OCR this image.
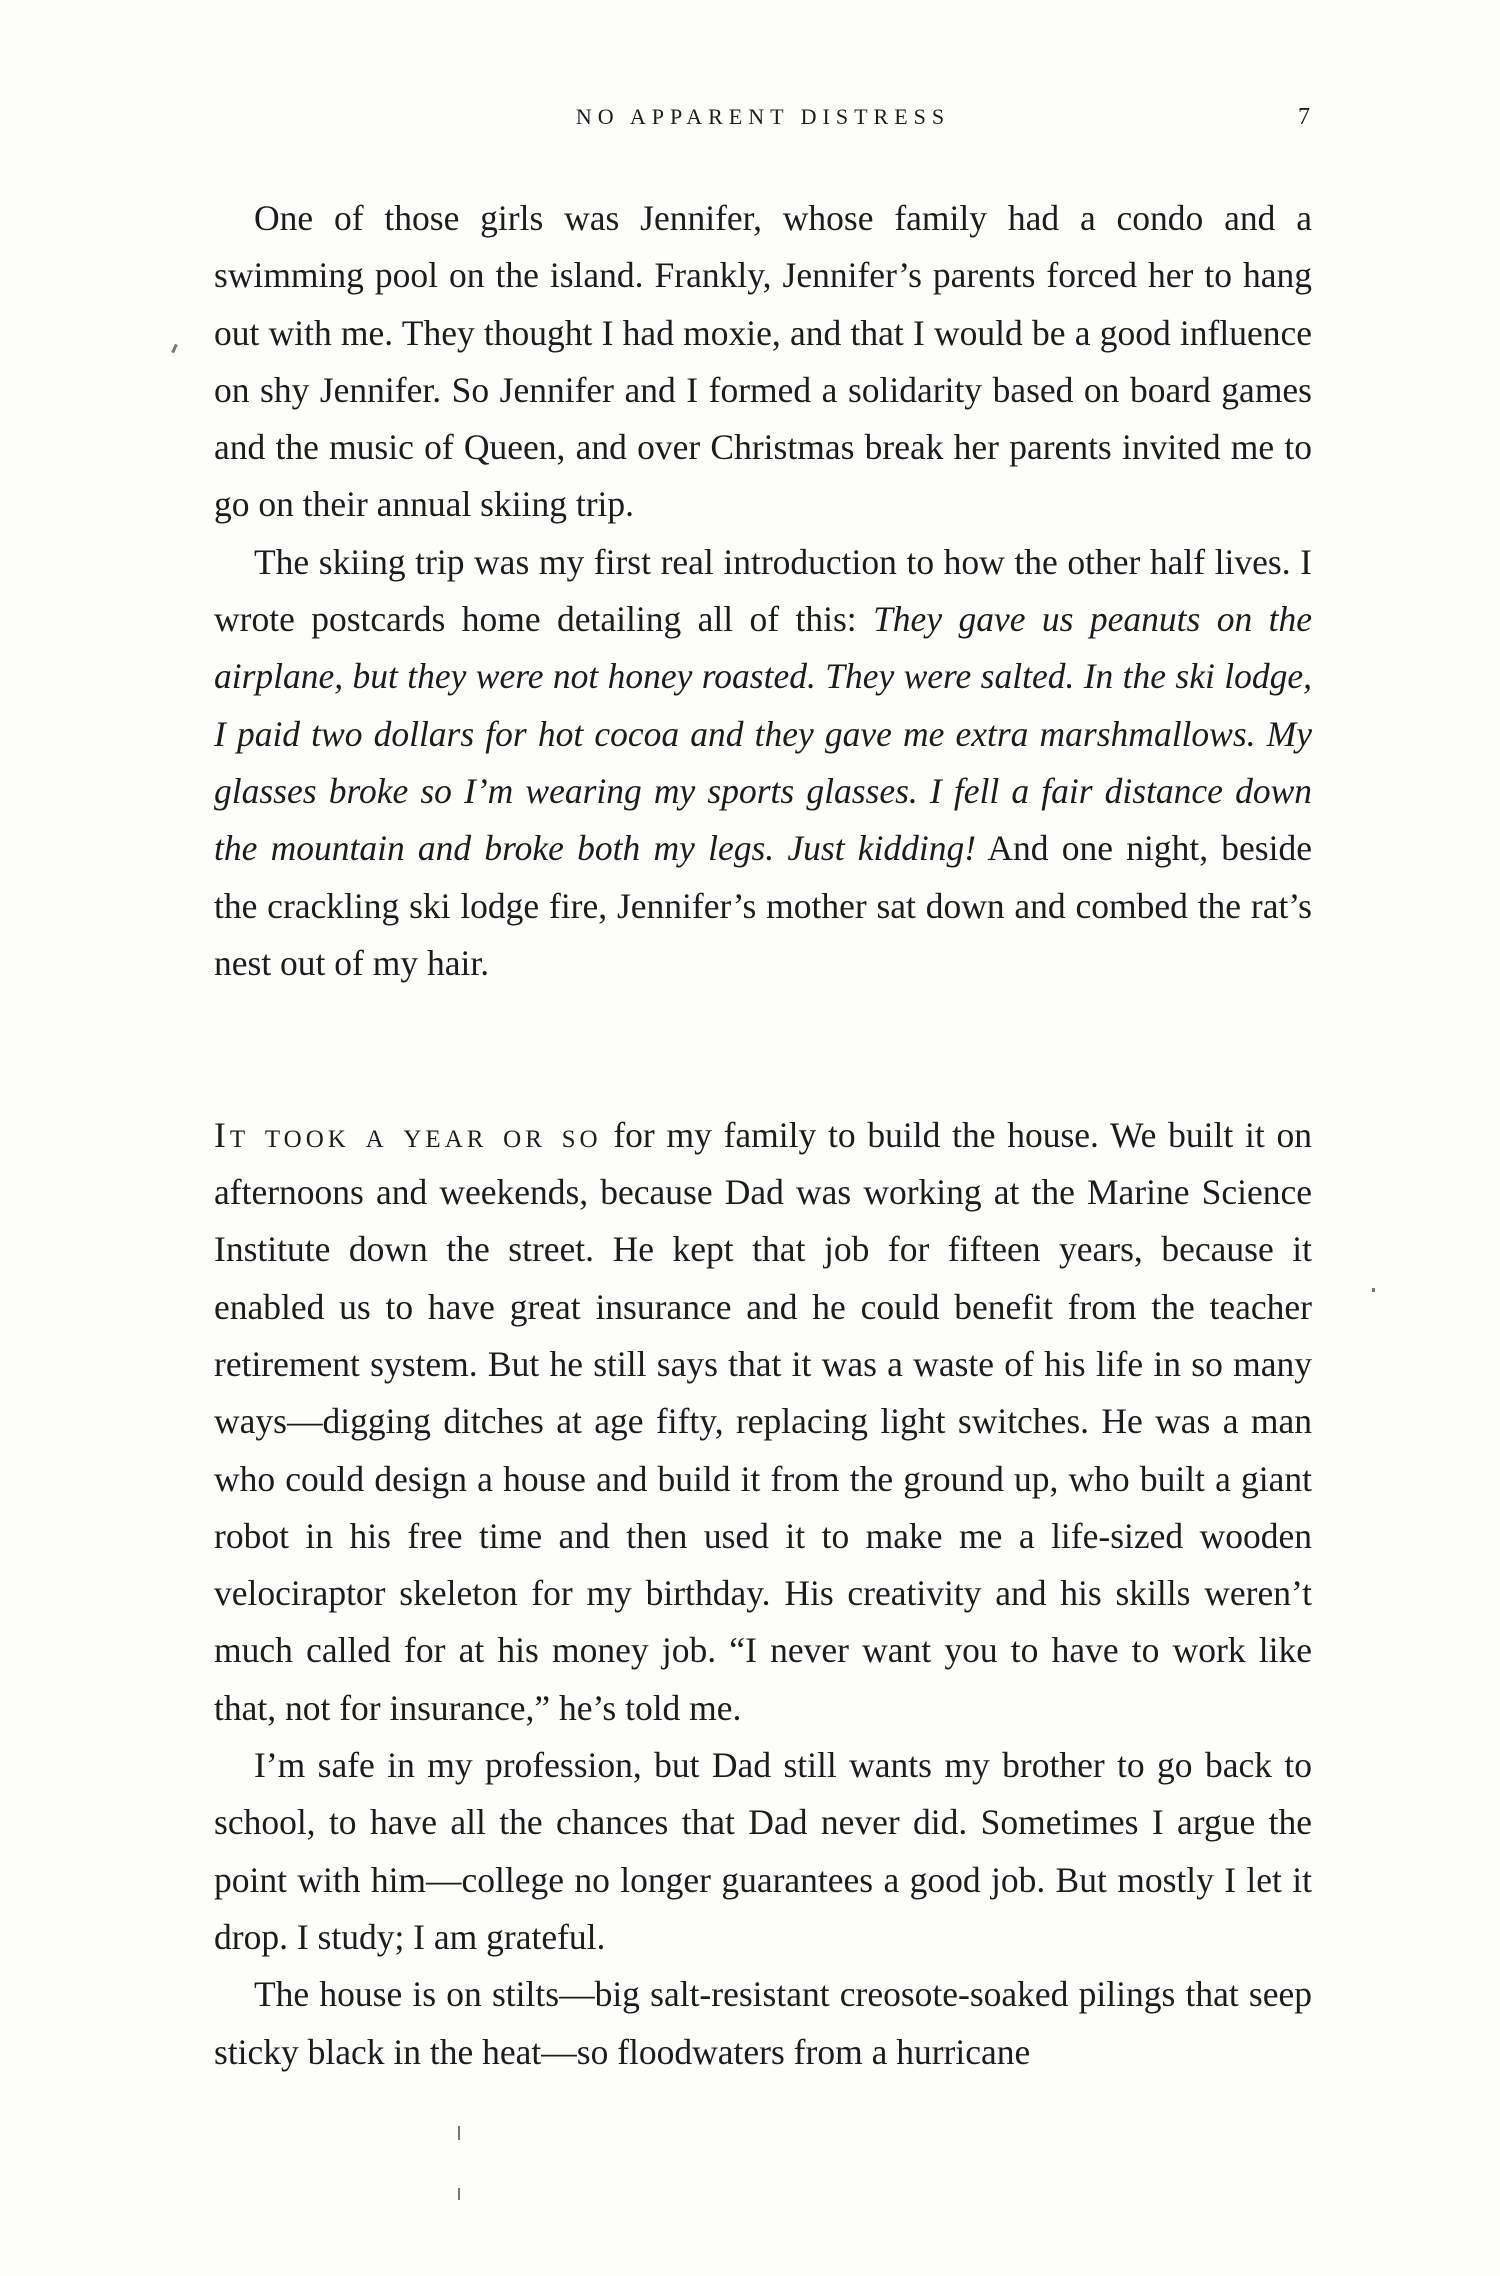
NO APPARENT DISTRESS	7

One of those girls was Jennifer, whose family had a condo and a swimming pool on the island. Frankly, Jennifer’s parents forced her to hang out with me. They thought I had moxie, and that I would be a good influence on shy Jennifer. So Jennifer and I formed a solidarity based on board games and the music of Queen, and over Christmas break her parents invited me to go on their annual skiing trip.

The skiing trip was my first real introduction to how the other half lives. I wrote postcards home detailing all of this: They gave us peanuts on the airplane, but they were not honey roasted. They were salted. In the ski lodge, I paid two dollars for hot cocoa and they gave me extra marshmallows. My glasses broke so I’m wearing my sports glasses. I fell a fair distance down the mountain and broke both my legs. Just kidding! And one night, beside the crackling ski lodge fire, Jennifer’s mother sat down and combed the rat’s nest out of my hair.

It took a year or so for my family to build the house. We built it on afternoons and weekends, because Dad was working at the Marine Science Institute down the street. He kept that job for fifteen years, because it enabled us to have great insurance and he could benefit from the teacher retirement system. But he still says that it was a waste of his life in so many ways—digging ditches at age fifty, replacing light switches. He was a man who could design a house and build it from the ground up, who built a giant robot in his free time and then used it to make me a life-sized wooden velociraptor skeleton for my birthday. His creativity and his skills weren’t much called for at his money job. “I never want you to have to work like that, not for insurance,” he’s told me.

I’m safe in my profession, but Dad still wants my brother to go back to school, to have all the chances that Dad never did. Sometimes I argue the point with him—college no longer guarantees a good job. But mostly I let it drop. I study; I am grateful.

The house is on stilts—big salt-resistant creosote-soaked pilings that seep sticky black in the heat—so floodwaters from a hurricane
